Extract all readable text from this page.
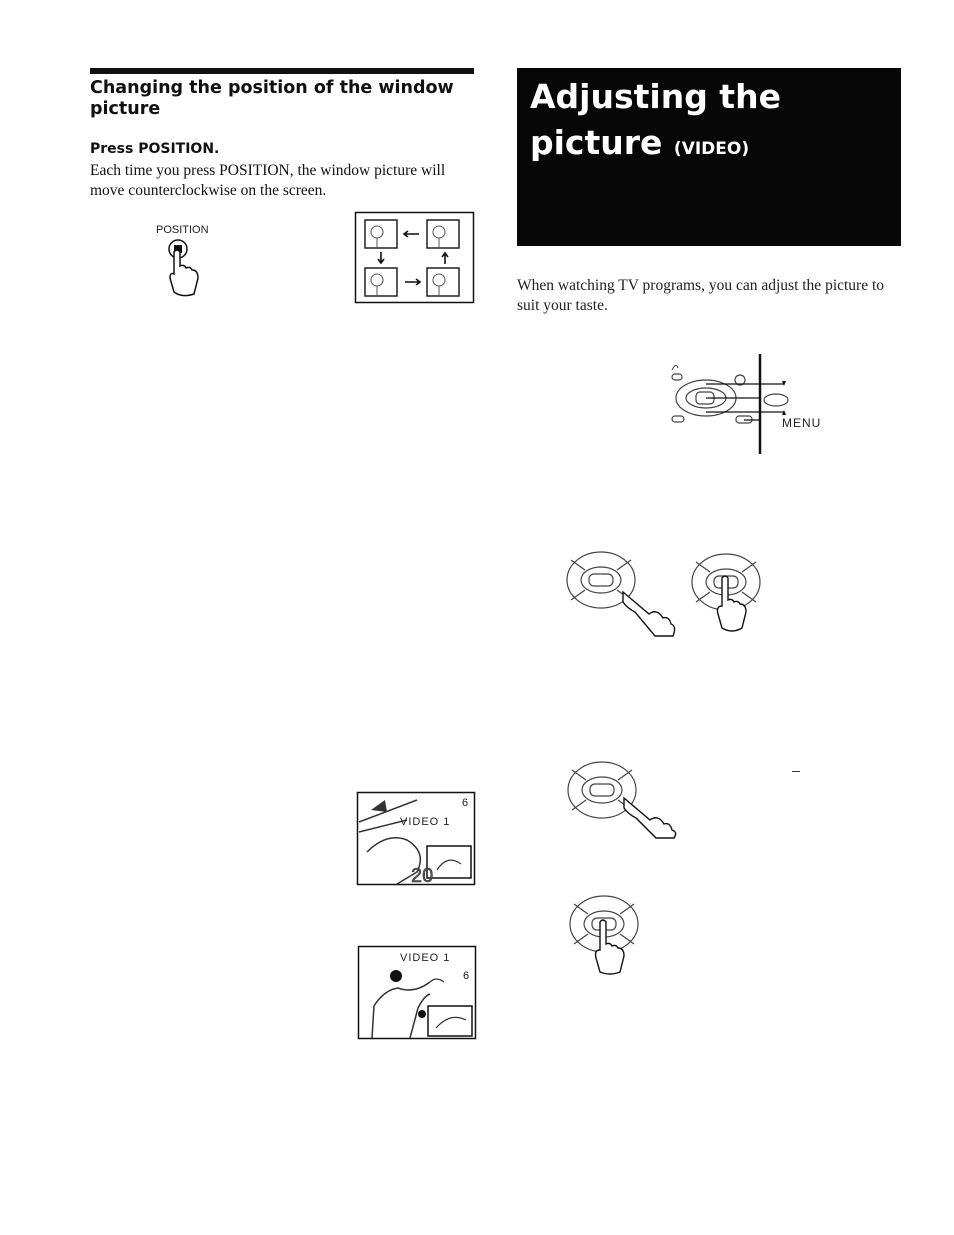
Changing the position of the window picture
Press POSITION.
Each time you press POSITION, the window picture will move counterclockwise on the screen.
POSITION
20
6
VIDEO 1
VIDEO 1
6
Adjusting the
picture (VIDEO)
When watching TV programs, you can adjust the picture to suit your taste.
MENU
